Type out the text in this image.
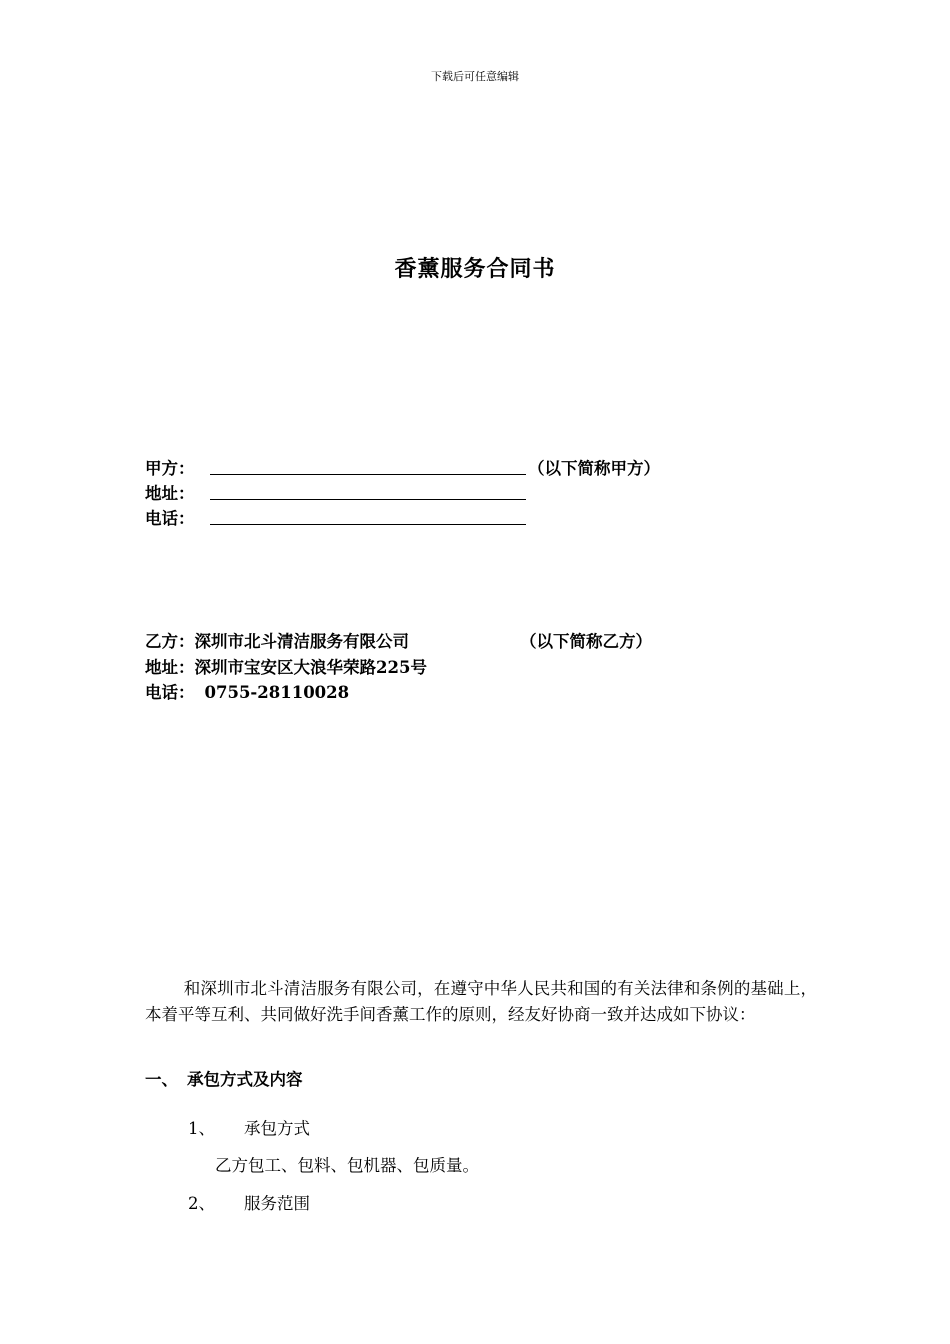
下载后可任意编辑
香薰服务合同书
甲方：	（以下简称甲方）
地址：
电话：
乙方：深圳市北斗清洁服务有限公司	（以下简称乙方）
地址：深圳市宝安区大浪华荣路225号
电话： 0755-28110028
和深圳市北斗清洁服务有限公司，在遵守中华人民共和国的有关法律和条例的基础上，本着平等互利、共同做好洗手间香薰工作的原则，经友好协商一致并达成如下协议：
一、 承包方式及内容
1、 承包方式
乙方包工、包料、包机器、包质量。
2、 服务范围
